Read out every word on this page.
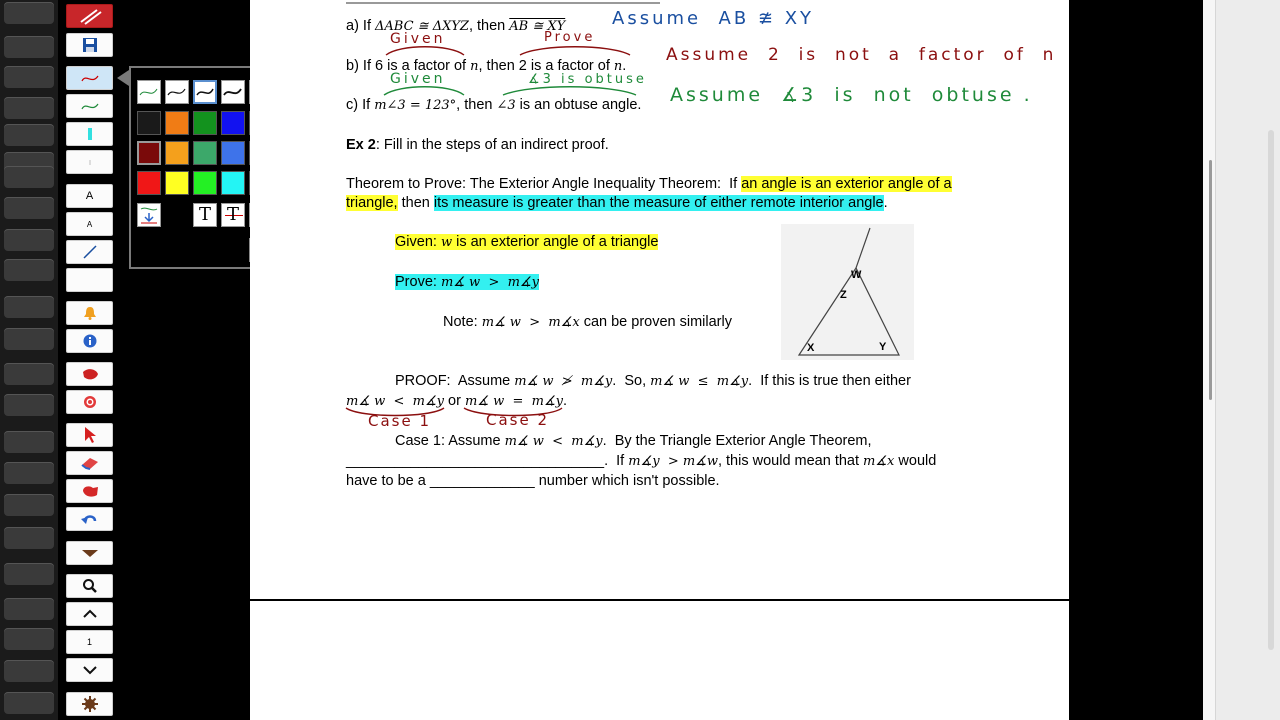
A
A
1
T T
a) If ΔABC ≅ ΔXYZ, then AB ≅ XY
b) If 6 is a factor of n, then 2 is a factor of n.
c) If m∠3 = 123°, then ∠3 is an obtuse angle.
Ex 2: Fill in the steps of an indirect proof.
Theorem to Prove: The Exterior Angle Inequality Theorem:  If an angle is an exterior angle of a
triangle, then its measure is greater than the measure of either remote interior angle.
Given: w is an exterior angle of a triangle
Prove: m∡ w  >  m∡y
Note: m∡ w  >  m∡x can be proven similarly
W
Z
X	Y
PROOF:  Assume m∡ w  ≯  m∡y.  So, m∡ w  ≤  m∡y.  If this is true then either
m∡ w  <  m∡y or m∡ w  =  m∡y.
Case 1: Assume m∡ w  <  m∡y.  By the Triangle Exterior Angle Theorem,
________________________________.  If m∡y  > m∡w, this would mean that m∡x would
have to be a _____________ number which isn't possible.
Given	Prove
Given	∡3 is obtuse
Assume  AB ≇ XY
Assume  2  is  not  a  factor  of  n
Assume  ∡3  is  not  obtuse .
Case 1	Case 2
